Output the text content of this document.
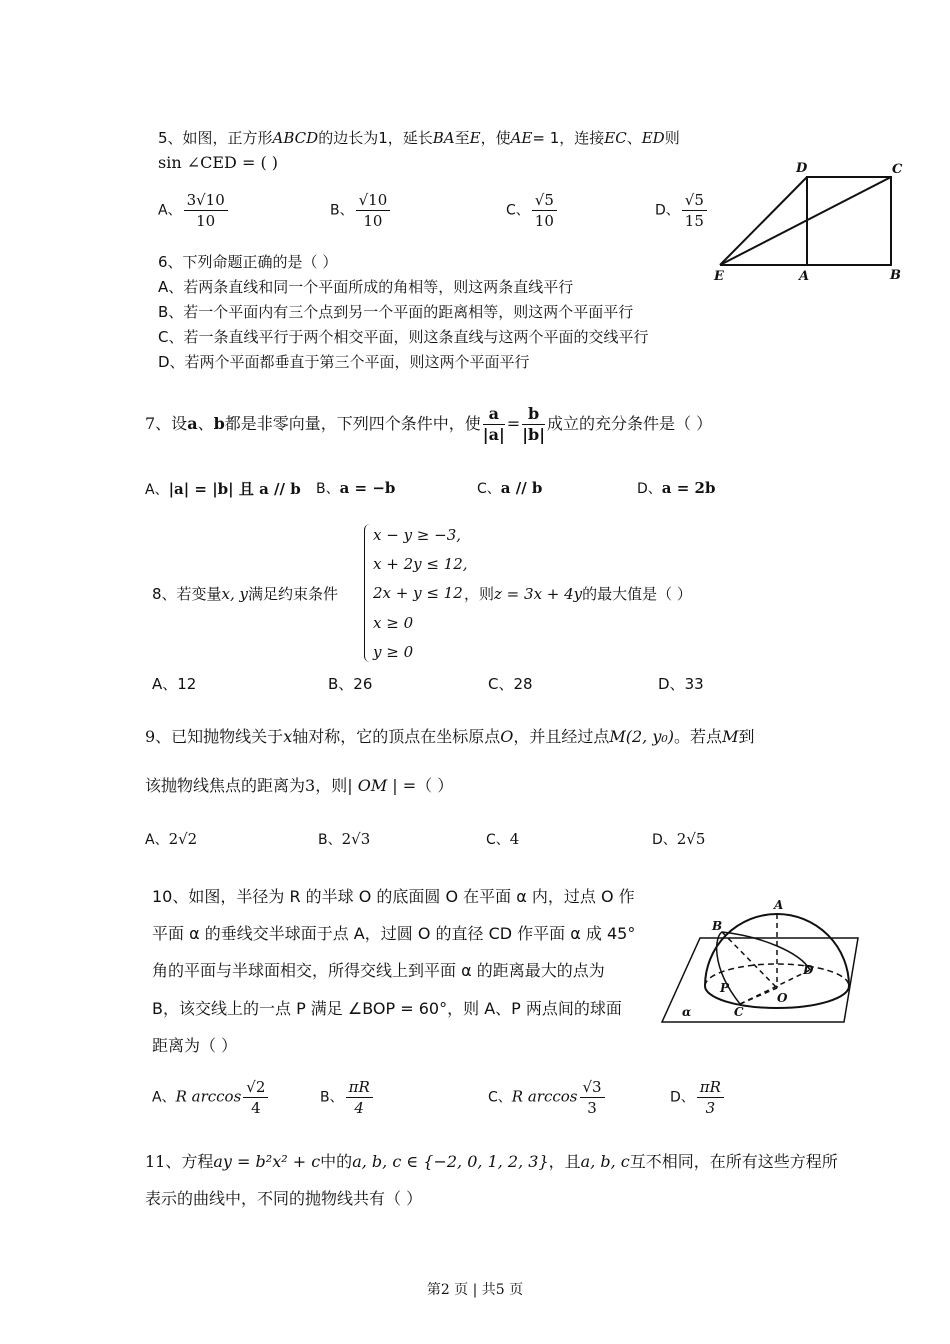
5、如图，正方形ABCD的边长为1，延长BA至E，使AE= 1，连接EC、ED则
sin ∠CED = ( )
A、 $\frac{3√10}{10}$	B、 $\frac{√10}{10}$	C、 $\frac{√5}{10}$	D、 $\frac{√5}{15}$
D	C
E	A	B
6、下列命题正确的是（ ）
A、若两条直线和同一个平面所成的角相等，则这两条直线平行
B、若一个平面内有三个点到另一个平面的距离相等，则这两个平面平行
C、若一条直线平行于两个相交平面，则这条直线与这两个平面的交线平行
D、若两个平面都垂直于第三个平面，则这两个平面平行
7、设a、b都是非零向量，下列四个条件中，使 $\frac{a}{|a|} = \frac{b}{|b|}$ 成立的充分条件是（ ）
A、|a| = |b| 且 a // b B、a = −b	C、a // b	D、a = 2b
8、若变量x, y满足约束条件
x − y ≥ −3,
x + 2y ≤ 12,
2x + y ≤ 12
x ≥ 0
y ≥ 0
，则z = 3x + 4y的最大值是（ ）
A、12	B、26	C、28	D、33
9、已知抛物线关于x轴对称，它的顶点在坐标原点O，并且经过点M(2, y₀)。若点M到
该抛物线焦点的距离为3，则| OM | =（ ）
A、2√2	B、2√3	C、4	D、2√5
10、如图，半径为 R 的半球 O 的底面圆 O 在平面 α 内，过点 O 作
平面 α 的垂线交半球面于点 A，过圆 O 的直径 CD 作平面 α 成 45°
角的平面与半球面相交，所得交线上到平面 α 的距离最大的点为
B，该交线上的一点 P 满足 ∠BOP = 60°，则 A、P 两点间的球面
距离为（ ）
A、R $\arccos \frac{√2}{4}$	B、 $\frac{\pi R}{4}$	C、R $\arccos \frac{√3}{3}$	D、 $\frac{\pi R}{3}$
A
B
D
P
O
C
α
11、方程ay = b²x² + c中的a, b, c ∈ {−2, 0, 1, 2, 3}，且a, b, c互不相同，在所有这些方程所
表示的曲线中，不同的抛物线共有（ ）
第2 页 | 共5 页
